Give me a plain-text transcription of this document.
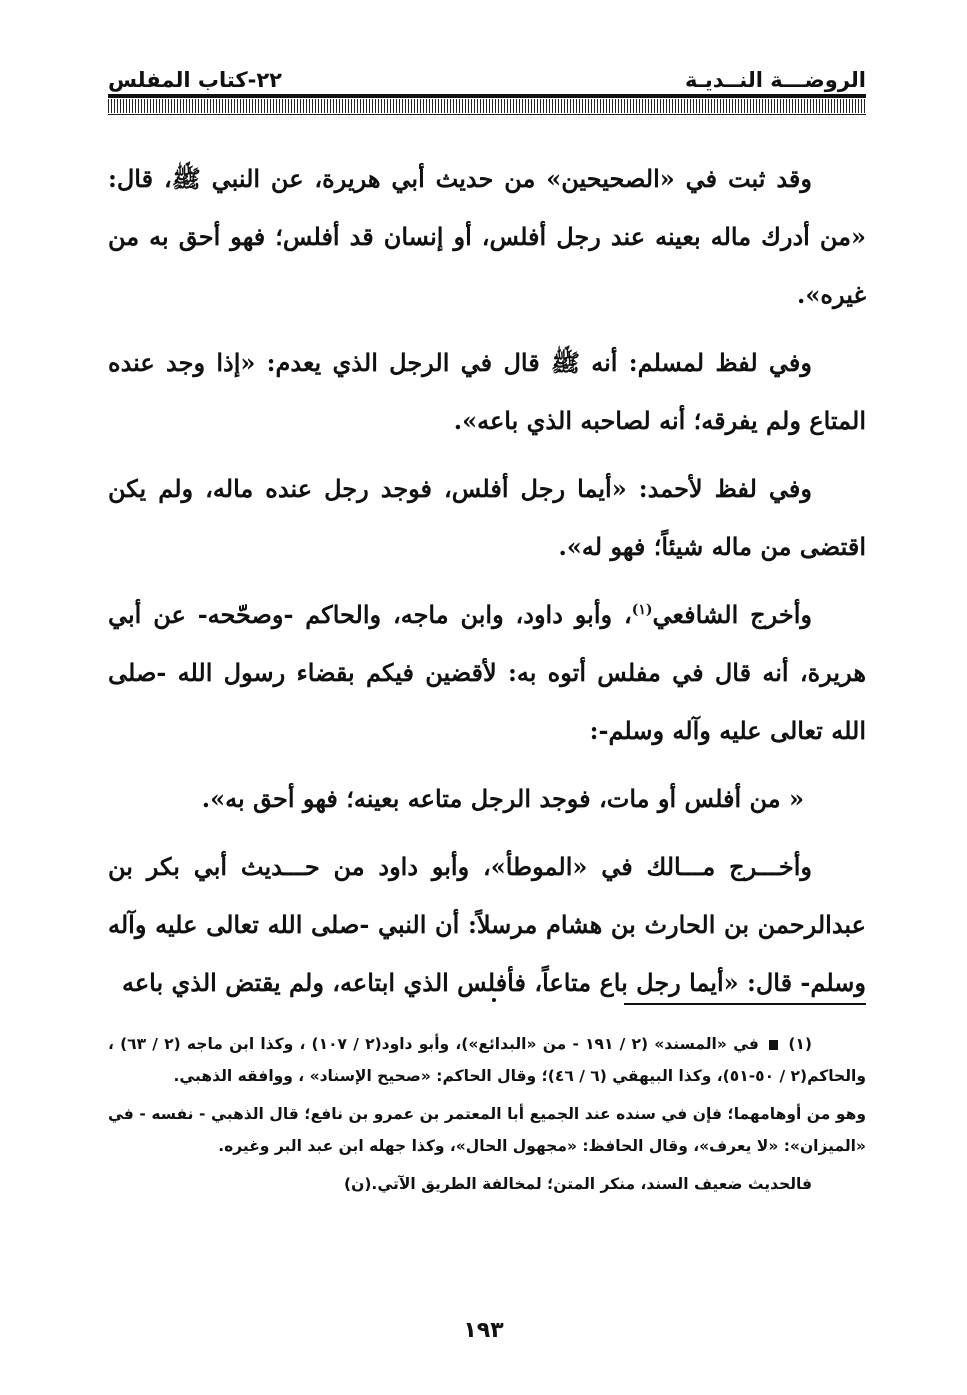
الروضـــة النــديـة
٢٢-كتاب المفلس

وقد ثبت في «الصحيحين» من حديث أبي هريرة، عن النبي ﷺ، قال: «من أدرك ماله بعينه عند رجل أفلس، أو إنسان قد أفلس؛ فهو أحق به من غيره».

وفي لفظ لمسلم: أنه ﷺ قال في الرجل الذي يعدم: «إذا وجد عنده المتاع ولم يفرقه؛ أنه لصاحبه الذي باعه».

وفي لفظ لأحمد: «أيما رجل أفلس، فوجد رجل عنده ماله، ولم يكن اقتضى من ماله شيئاً؛ فهو له».

وأخرج الشافعي$^{(١)}$، وأبو داود، وابن ماجه، والحاكم -وصحّحه- عن أبي هريرة، أنه قال في مفلس أتوه به: لأقضين فيكم بقضاء رسول الله -صلى الله تعالى عليه وآله وسلم-:

« من أفلس أو مات، فوجد الرجل متاعه بعينه؛ فهو أحق به».

وأخـــرج مـــالك في «الموطأ»، وأبو داود من حـــديث أبي بكر بن عبدالرحمن بن الحارث بن هشام مرسلاً: أن النبي -صلى الله تعالى عليه وآله وسلم- قال: «أيما رجل باع متاعاً، فأفلس الذي ابتاعه، ولم يقتض الذي باعه

(١)  في «المسند» (٢ / ١٩١ - من «البدائع»)، وأبو داود(٢ / ١٠٧) ، وكذا ابن ماجه (٢ / ٦٣) ، والحاكم(٢ / ٥٠-٥١)، وكذا البيهقي (٦ / ٤٦)؛ وقال الحاكم: «صحيح الإسناد» ، ووافقه الذهبي.

وهو من أوهامهما؛ فإن في سنده عند الجميع أبا المعتمر بن عمرو بن نافع؛ قال الذهبي - نفسه - في «الميزان»: «لا يعرف»، وقال الحافظ: «مجهول الحال»، وكذا جهله ابن عبد البر وغيره.

فالحديث ضعيف السند، منكر المتن؛ لمخالفة الطريق الآتي.(ن)

١٩٣
